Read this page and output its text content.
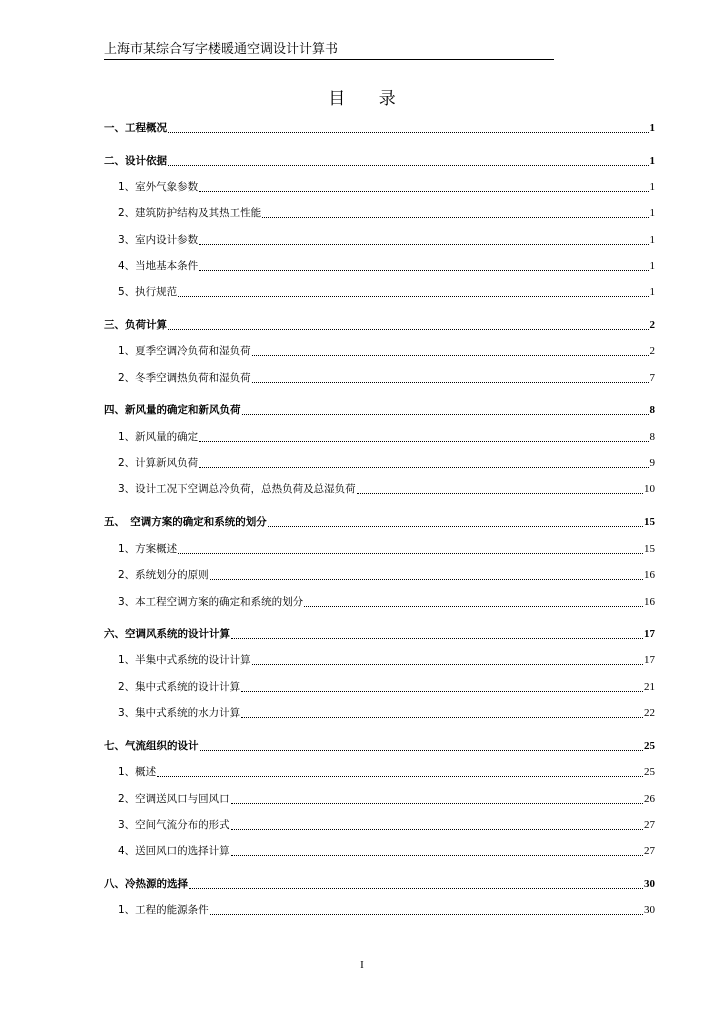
上海市某综合写字楼暖通空调设计计算书
目 录
一、工程概况	1
二、设计依据	1
1、室外气象参数	1
2、建筑防护结构及其热工性能	1
3、室内设计参数	1
4、当地基本条件	1
5、执行规范	1
三、负荷计算	2
1、夏季空调冷负荷和湿负荷	2
2、冬季空调热负荷和湿负荷	7
四、新风量的确定和新风负荷	8
1、新风量的确定	8
2、计算新风负荷	9
3、设计工况下空调总冷负荷，总热负荷及总湿负荷	10
五、　空调方案的确定和系统的划分	15
1、方案概述	15
2、系统划分的原则	16
3、本工程空调方案的确定和系统的划分	16
六、空调风系统的设计计算	17
1、半集中式系统的设计计算	17
2、集中式系统的设计计算	21
3、集中式系统的水力计算	22
七、气流组织的设计	25
1、概述	25
2、空调送风口与回风口	26
3、空间气流分布的形式	27
4、送回风口的选择计算	27
八、冷热源的选择	30
1、工程的能源条件	30
I
